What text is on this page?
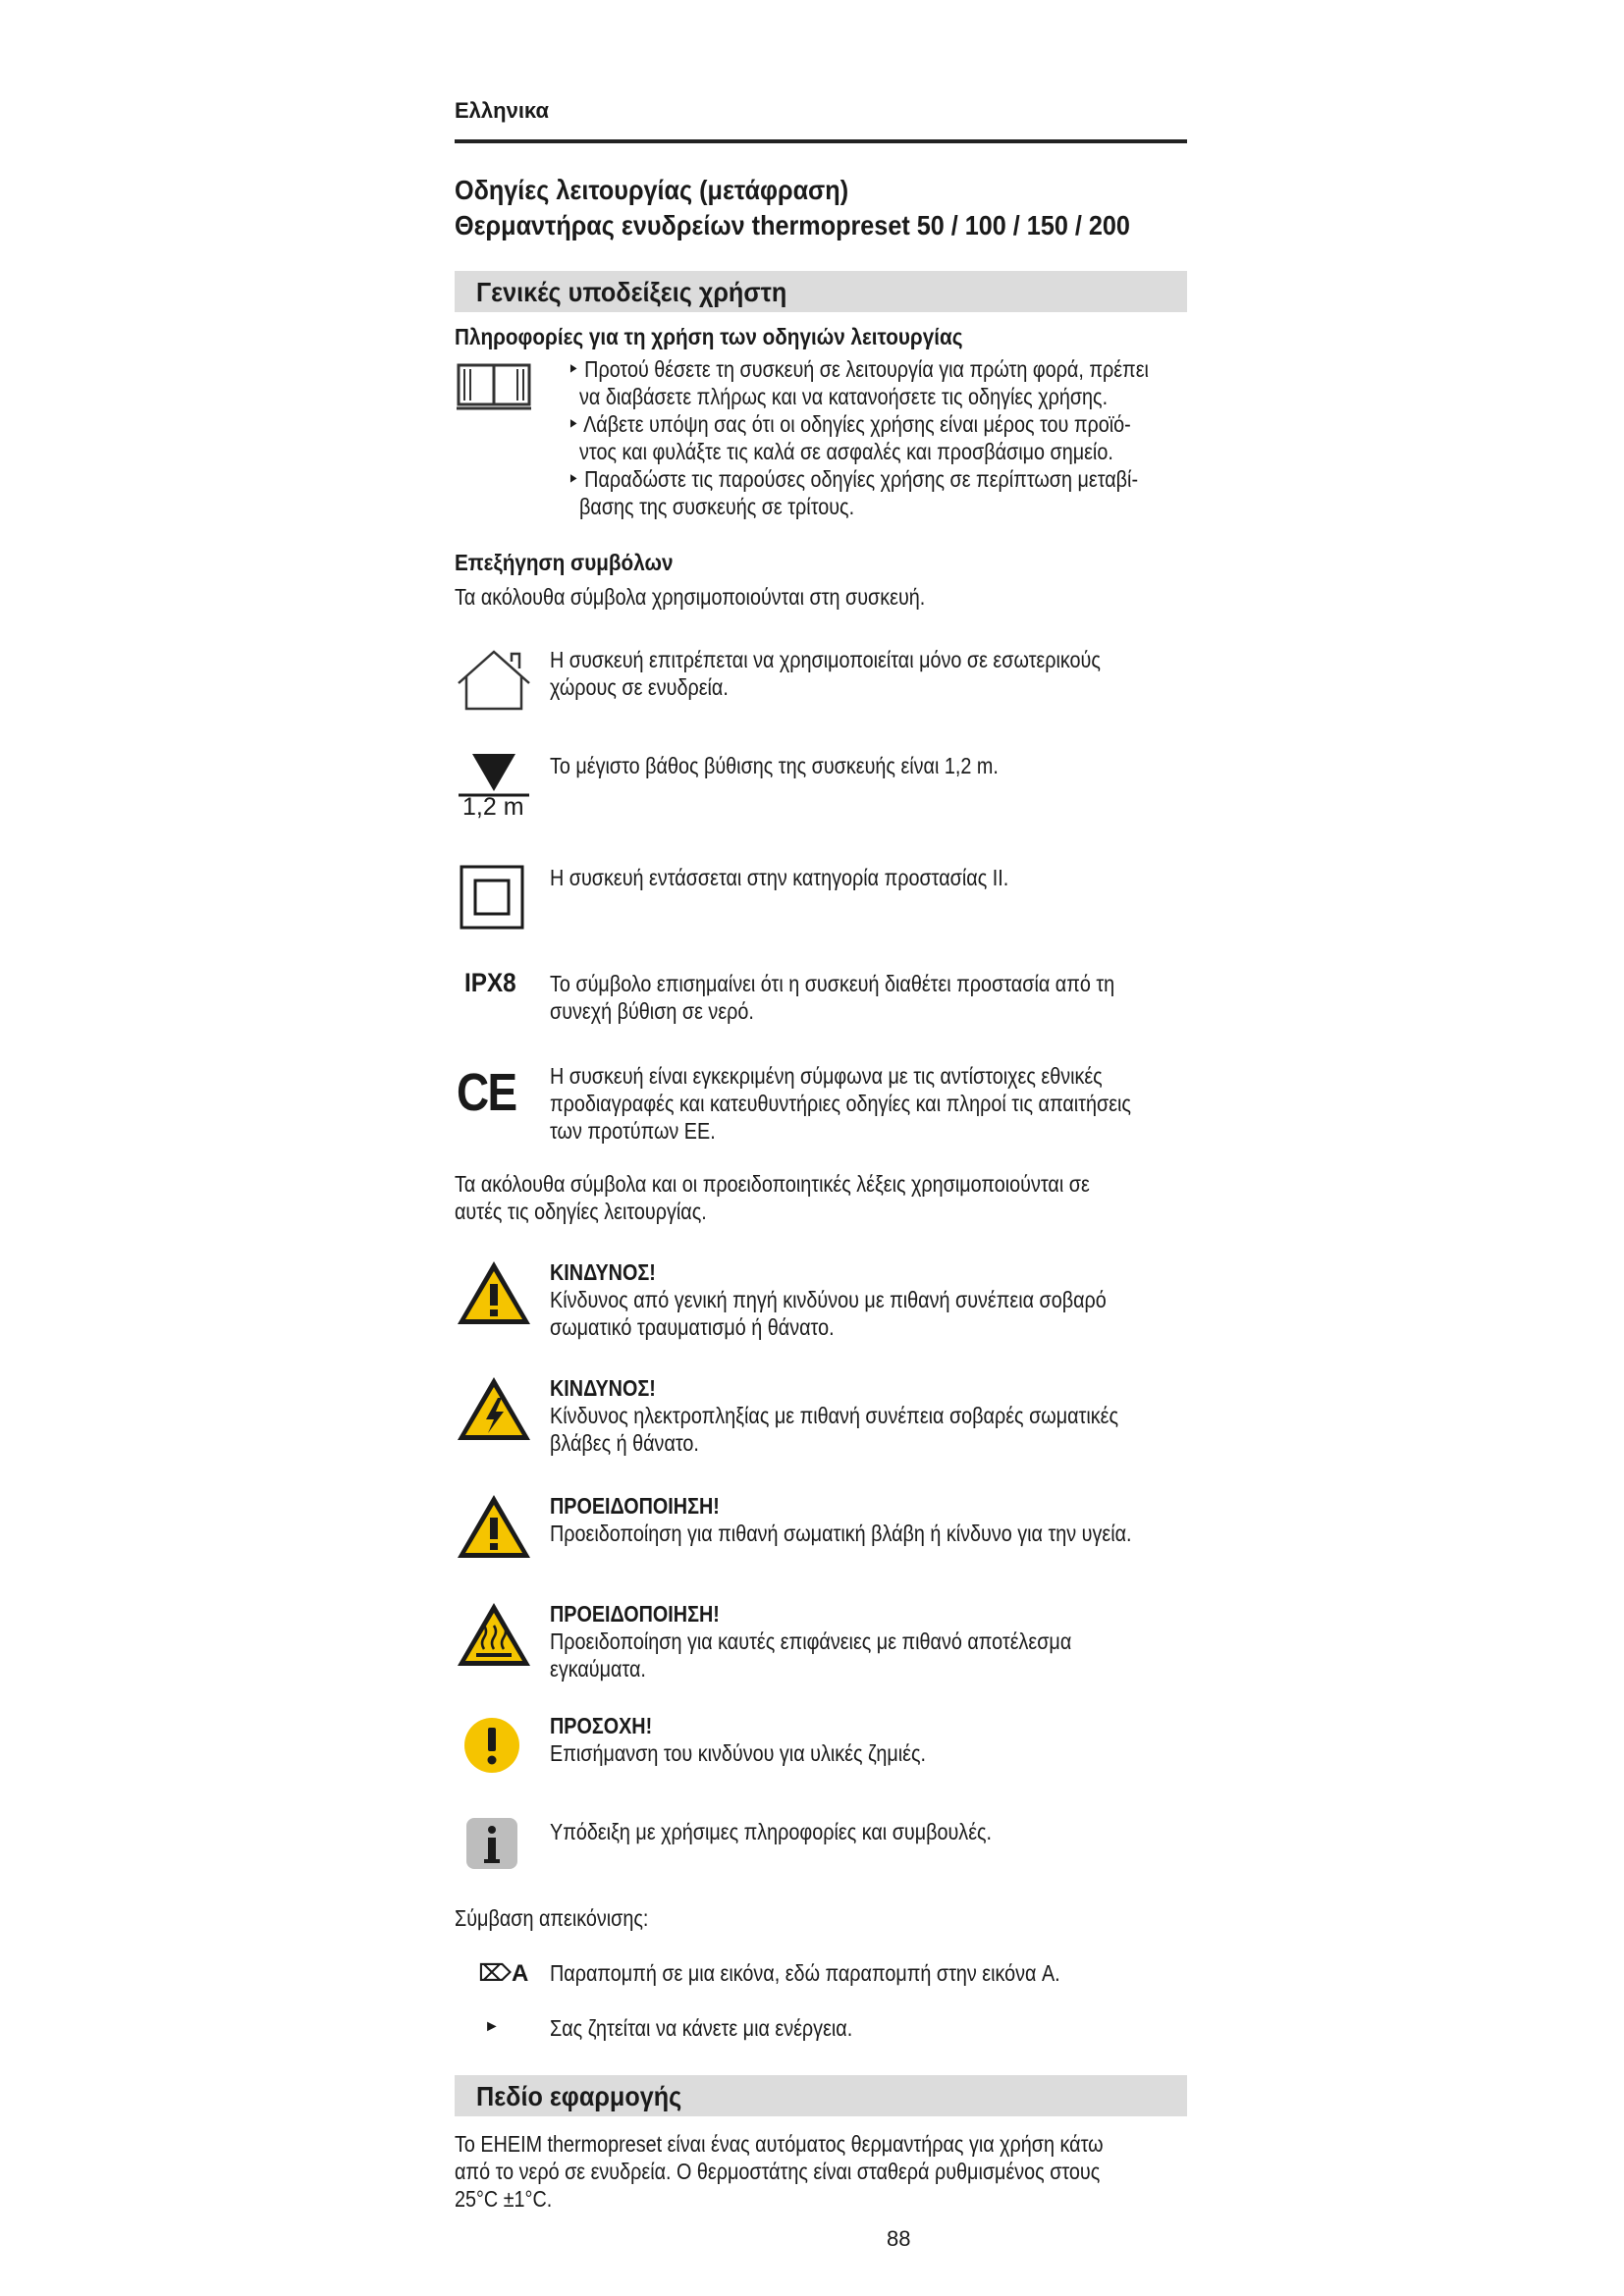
Ελληνικα
Οδηγίες λειτουργίας (μετάφραση)
Θερμαντήρας ενυδρείων thermopreset 50 / 100 / 150 / 200
Γενικές υποδείξεις χρήστη
Πληροφορίες για τη χρήση των οδηγιών λειτουργίας
‣ Προτού θέσετε τη συσκευή σε λειτουργία για πρώτη φορά, πρέπει
να διαβάσετε πλήρως και να κατανοήσετε τις οδηγίες χρήσης.
‣ Λάβετε υπόψη σας ότι οι οδηγίες χρήσης είναι μέρος του προϊό-
ντος και φυλάξτε τις καλά σε ασφαλές και προσβάσιμο σημείο.
‣ Παραδώστε τις παρούσες οδηγίες χρήσης σε περίπτωση μεταβί-
βασης της συσκευής σε τρίτους.
Επεξήγηση συμβόλων
Τα ακόλουθα σύμβολα χρησιμοποιούνται στη συσκευή.
Η συσκευή επιτρέπεται να χρησιμοποιείται μόνο σε εσωτερικούς
χώρους σε ενυδρεία.
1,2 m
Το μέγιστο βάθος βύθισης της συσκευής είναι 1,2 m.
Η συσκευή εντάσσεται στην κατηγορία προστασίας II.
IPX8 Το σύμβολο επισημαίνει ότι η συσκευή διαθέτει προστασία από τη
συνεχή βύθιση σε νερό.
CE Η συσκευή είναι εγκεκριμένη σύμφωνα με τις αντίστοιχες εθνικές
προδιαγραφές και κατευθυντήριες οδηγίες και πληροί τις απαιτήσεις
των προτύπων ΕΕ.
Τα ακόλουθα σύμβολα και οι προειδοποιητικές λέξεις χρησιμοποιούνται σε
αυτές τις οδηγίες λειτουργίας.
ΚΙΝΔΥΝΟΣ!
Κίνδυνος από γενική πηγή κινδύνου με πιθανή συνέπεια σοβαρό
σωματικό τραυματισμό ή θάνατο.
ΚΙΝΔΥΝΟΣ!
Κίνδυνος ηλεκτροπληξίας με πιθανή συνέπεια σοβαρές σωματικές
βλάβες ή θάνατο.
ΠΡΟΕΙΔΟΠΟΙΗΣΗ!
Προειδοποίηση για πιθανή σωματική βλάβη ή κίνδυνο για την υγεία.
ΠΡΟΕΙΔΟΠΟΙΗΣΗ!
Προειδοποίηση για καυτές επιφάνειες με πιθανό αποτέλεσμα
εγκαύματα.
ΠΡΟΣΟΧΗ!
Επισήμανση του κινδύνου για υλικές ζημιές.
Υπόδειξη με χρήσιμες πληροφορίες και συμβουλές.
Σύμβαση απεικόνισης:
⌦A Παραπομπή σε μια εικόνα, εδώ παραπομπή στην εικόνα A.
► Σας ζητείται να κάνετε μια ενέργεια.
Πεδίο εφαρμογής
Το EHEIM thermopreset είναι ένας αυτόματος θερμαντήρας για χρήση κάτω
από το νερό σε ενυδρεία. Ο θερμοστάτης είναι σταθερά ρυθμισμένος στους
25°C ±1°C.
88
